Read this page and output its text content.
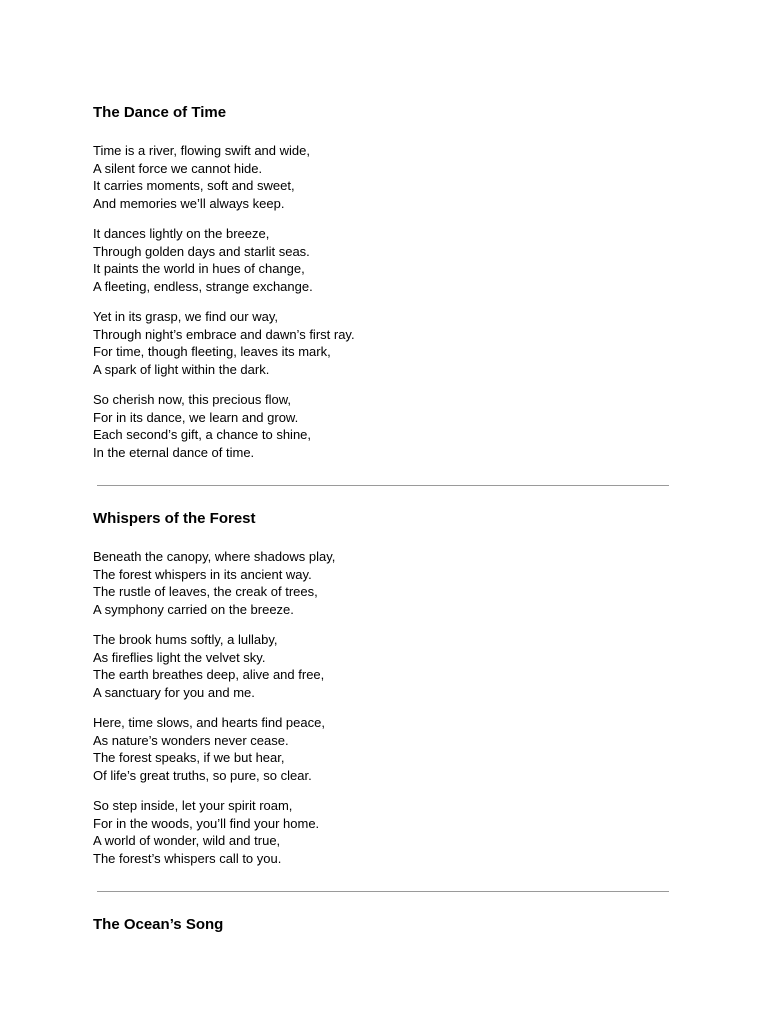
The Dance of Time

Time is a river, flowing swift and wide,
A silent force we cannot hide.
It carries moments, soft and sweet,
And memories we’ll always keep.

It dances lightly on the breeze,
Through golden days and starlit seas.
It paints the world in hues of change,
A fleeting, endless, strange exchange.

Yet in its grasp, we find our way,
Through night’s embrace and dawn’s first ray.
For time, though fleeting, leaves its mark,
A spark of light within the dark.

So cherish now, this precious flow,
For in its dance, we learn and grow.
Each second’s gift, a chance to shine,
In the eternal dance of time.

Whispers of the Forest

Beneath the canopy, where shadows play,
The forest whispers in its ancient way.
The rustle of leaves, the creak of trees,
A symphony carried on the breeze.

The brook hums softly, a lullaby,
As fireflies light the velvet sky.
The earth breathes deep, alive and free,
A sanctuary for you and me.

Here, time slows, and hearts find peace,
As nature’s wonders never cease.
The forest speaks, if we but hear,
Of life’s great truths, so pure, so clear.

So step inside, let your spirit roam,
For in the woods, you’ll find your home.
A world of wonder, wild and true,
The forest’s whispers call to you.

The Ocean’s Song
